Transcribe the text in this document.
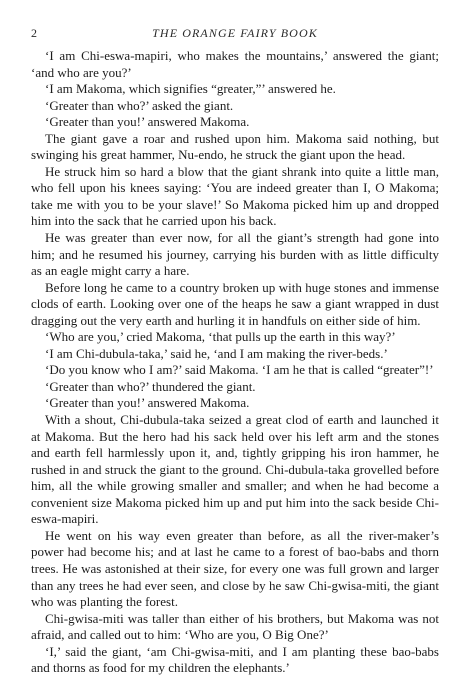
2	THE ORANGE FAIRY BOOK

‘I am Chi-eswa-mapiri, who makes the mountains,’ answered the giant; ‘and who are you?’

‘I am Makoma, which signifies “greater,”’ answered he.

‘Greater than who?’ asked the giant.

‘Greater than you!’ answered Makoma.

The giant gave a roar and rushed upon him. Makoma said nothing, but swinging his great hammer, Nu-endo, he struck the giant upon the head.

He struck him so hard a blow that the giant shrank into quite a little man, who fell upon his knees saying: ‘You are indeed greater than I, O Makoma; take me with you to be your slave!’ So Makoma picked him up and dropped him into the sack that he carried upon his back.

He was greater than ever now, for all the giant’s strength had gone into him; and he resumed his journey, carrying his burden with as little difficulty as an eagle might carry a hare.

Before long he came to a country broken up with huge stones and immense clods of earth. Looking over one of the heaps he saw a giant wrapped in dust dragging out the very earth and hurling it in handfuls on either side of him.

‘Who are you,’ cried Makoma, ‘that pulls up the earth in this way?’

‘I am Chi-dubula-taka,’ said he, ‘and I am making the river-beds.’

‘Do you know who I am?’ said Makoma. ‘I am he that is called “greater”!’

‘Greater than who?’ thundered the giant.

‘Greater than you!’ answered Makoma.

With a shout, Chi-dubula-taka seized a great clod of earth and launched it at Makoma. But the hero had his sack held over his left arm and the stones and earth fell harmlessly upon it, and, tightly gripping his iron hammer, he rushed in and struck the giant to the ground. Chi-dubula-taka grovelled before him, all the while growing smaller and smaller; and when he had become a convenient size Makoma picked him up and put him into the sack beside Chi-eswa-mapiri.

He went on his way even greater than before, as all the river-maker’s power had become his; and at last he came to a forest of bao-babs and thorn trees. He was astonished at their size, for every one was full grown and larger than any trees he had ever seen, and close by he saw Chi-gwisa-miti, the giant who was planting the forest.

Chi-gwisa-miti was taller than either of his brothers, but Makoma was not afraid, and called out to him: ‘Who are you, O Big One?’

‘I,’ said the giant, ‘am Chi-gwisa-miti, and I am planting these bao-babs and thorns as food for my children the elephants.’
